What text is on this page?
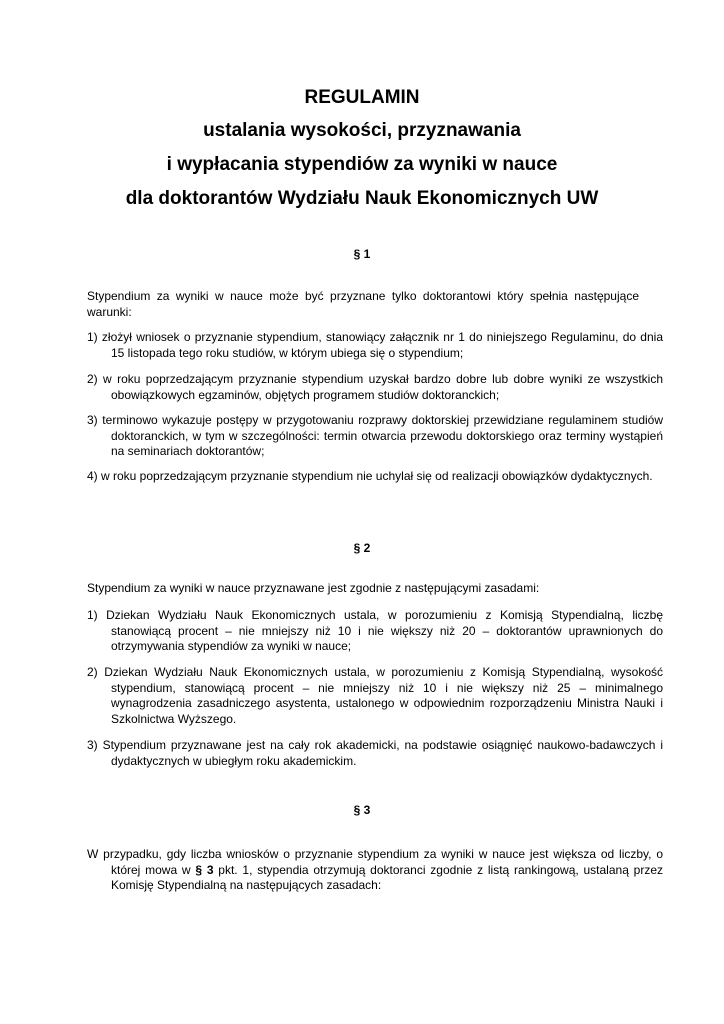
REGULAMIN
ustalania wysokości, przyznawania
i wypłacania stypendiów za wyniki w nauce
dla doktorantów Wydziału Nauk Ekonomicznych UW
§ 1
Stypendium za wyniki w nauce może być przyznane tylko doktorantowi który spełnia następujące warunki:
1) złożył wniosek o przyznanie stypendium, stanowiący załącznik nr 1 do niniejszego Regulaminu, do dnia 15 listopada tego roku studiów, w którym ubiega się o stypendium;
2) w roku poprzedzającym przyznanie stypendium uzyskał bardzo dobre lub dobre wyniki ze wszystkich obowiązkowych egzaminów, objętych programem studiów doktoranckich;
3) terminowo wykazuje postępy w przygotowaniu rozprawy doktorskiej przewidziane regulaminem studiów doktoranckich, w tym w szczególności: termin otwarcia przewodu doktorskiego oraz terminy wystąpień na seminariach doktorantów;
4) w roku poprzedzającym przyznanie stypendium nie uchylał się od realizacji obowiązków dydaktycznych.
§ 2
Stypendium za wyniki w nauce przyznawane jest zgodnie z następującymi zasadami:
1) Dziekan Wydziału Nauk Ekonomicznych ustala, w porozumieniu z Komisją Stypendialną, liczbę stanowiącą procent – nie mniejszy niż 10 i nie większy niż 20 – doktorantów uprawnionych do otrzymywania stypendiów za wyniki w nauce;
2) Dziekan Wydziału Nauk Ekonomicznych ustala, w porozumieniu z Komisją Stypendialną, wysokość stypendium, stanowiącą procent – nie mniejszy niż 10 i nie większy niż 25 – minimalnego wynagrodzenia zasadniczego asystenta, ustalonego w odpowiednim rozporządzeniu Ministra Nauki i Szkolnictwa Wyższego.
3) Stypendium przyznawane jest na cały rok akademicki, na podstawie osiągnięć naukowo-badawczych i dydaktycznych w ubiegłym roku akademickim.
§ 3
W przypadku, gdy liczba wniosków o przyznanie stypendium za wyniki w nauce jest większa od liczby, o której mowa w § 3 pkt. 1, stypendia otrzymują doktoranci zgodnie z listą rankingową, ustalaną przez Komisję Stypendialną na następujących zasadach:
